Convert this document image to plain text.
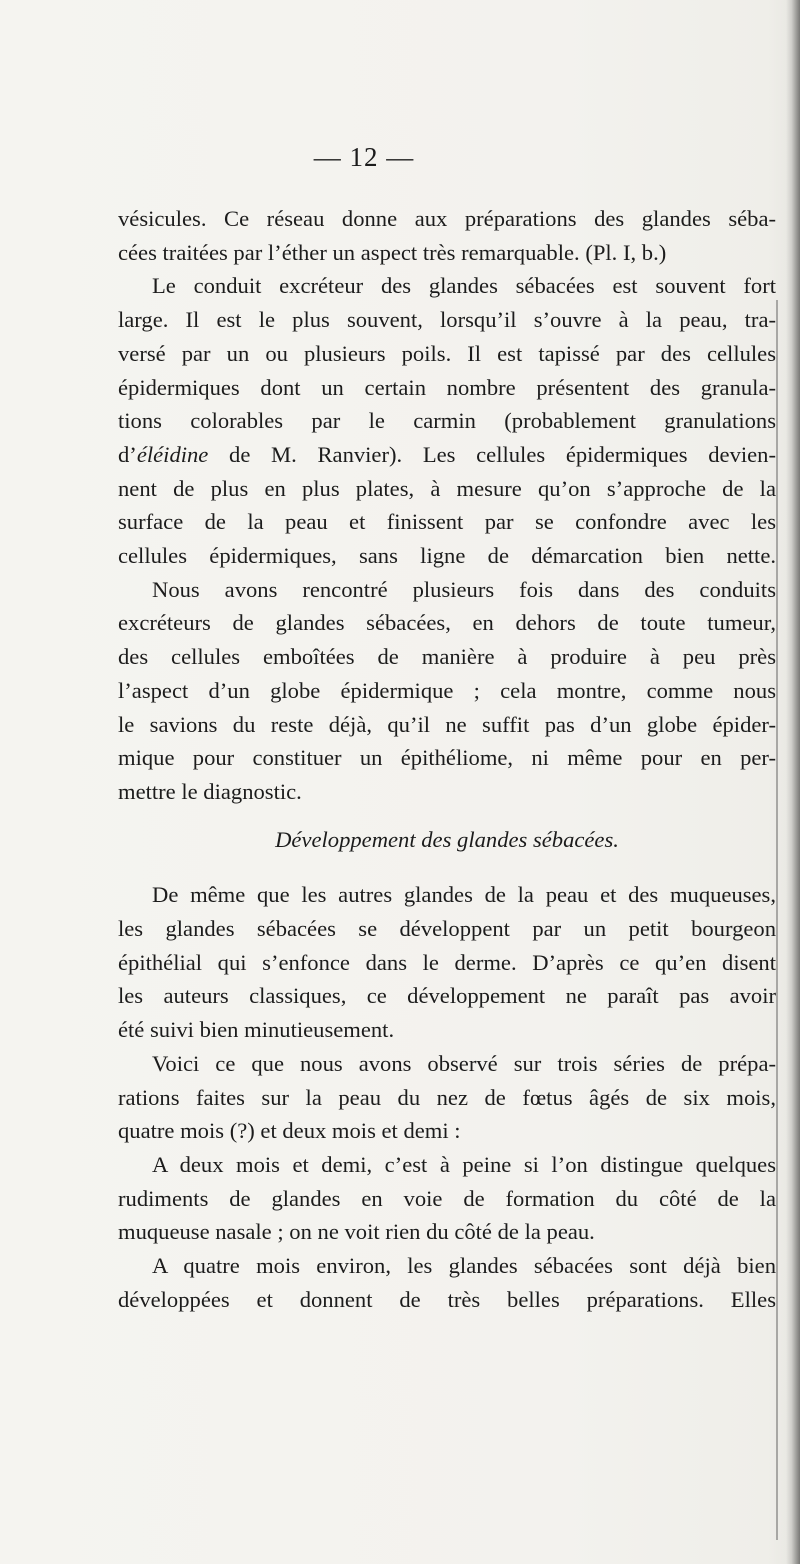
— 12 —
vésicules. Ce réseau donne aux préparations des glandes séba-
cées traitées par l’éther un aspect très remarquable. (Pl. I, b.)
Le conduit excréteur des glandes sébacées est souvent fort
large. Il est le plus souvent, lorsqu’il s’ouvre à la peau, tra-
versé par un ou plusieurs poils. Il est tapissé par des cellules
épidermiques dont un certain nombre présentent des granula-
tions colorables par le carmin (probablement granulations
d’éléidine de M. Ranvier). Les cellules épidermiques devien-
nent de plus en plus plates, à mesure qu’on s’approche de la
surface de la peau et finissent par se confondre avec les
cellules épidermiques, sans ligne de démarcation bien nette.
Nous avons rencontré plusieurs fois dans des conduits
excréteurs de glandes sébacées, en dehors de toute tumeur,
des cellules emboîtées de manière à produire à peu près
l’aspect d’un globe épidermique ; cela montre, comme nous
le savions du reste déjà, qu’il ne suffit pas d’un globe épider-
mique pour constituer un épithéliome, ni même pour en per-
mettre le diagnostic.
Développement des glandes sébacées.
De même que les autres glandes de la peau et des muqueuses,
les glandes sébacées se développent par un petit bourgeon
épithélial qui s’enfonce dans le derme. D’après ce qu’en disent
les auteurs classiques, ce développement ne paraît pas avoir
été suivi bien minutieusement.
Voici ce que nous avons observé sur trois séries de prépa-
rations faites sur la peau du nez de fœtus âgés de six mois,
quatre mois (?) et deux mois et demi :
A deux mois et demi, c’est à peine si l’on distingue quelques
rudiments de glandes en voie de formation du côté de la
muqueuse nasale ; on ne voit rien du côté de la peau.
A quatre mois environ, les glandes sébacées sont déjà bien
développées et donnent de très belles préparations. Elles
